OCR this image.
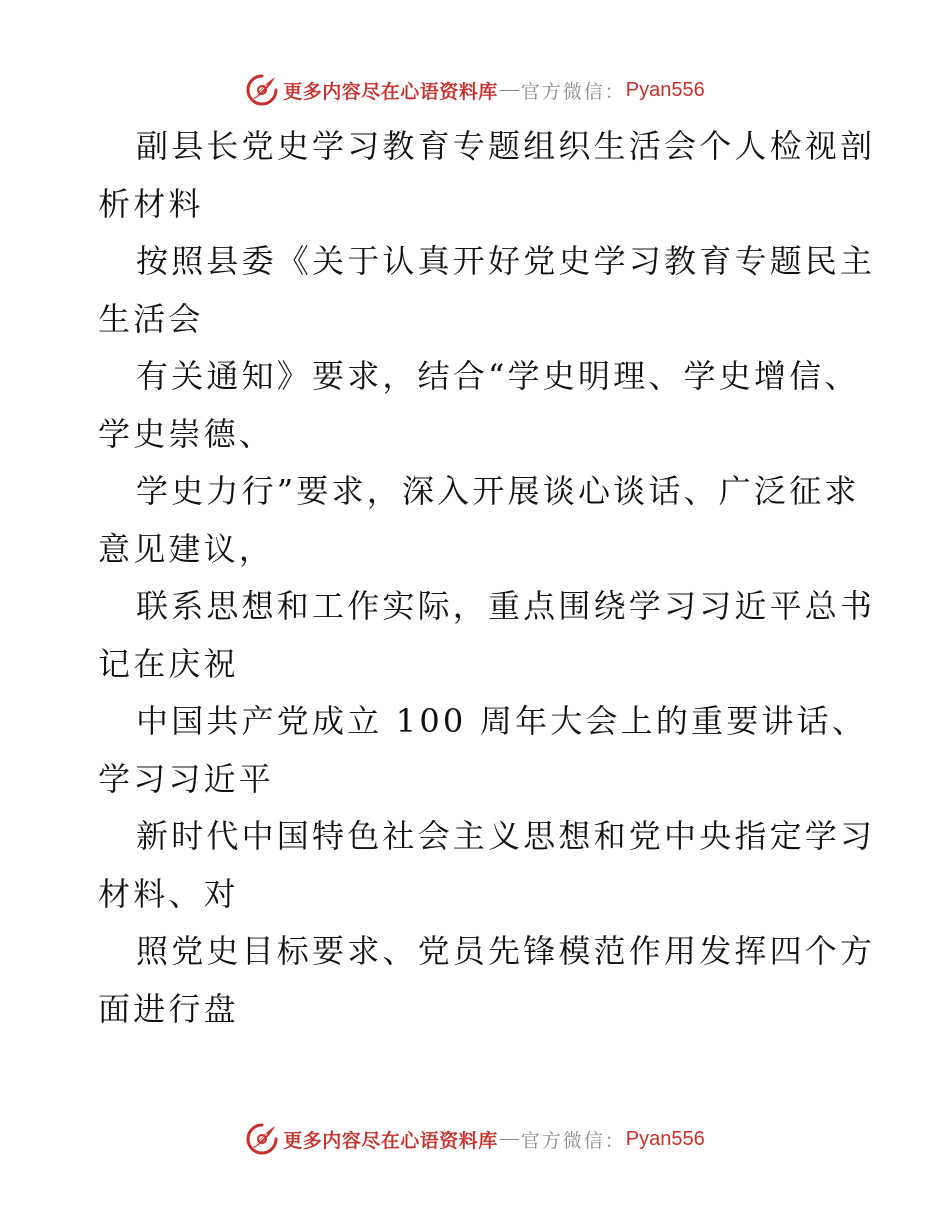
更多内容尽在心语资料库 — 官方微信： Pyan556

副县长党史学习教育专题组织生活会个人检视剖
析材料

按照县委《关于认真开好党史学习教育专题民主
生活会

有关通知》要求，结合“学史明理、学史增信、
学史崇德、

学史力行”要求，深入开展谈心谈话、广泛征求
意见建议，

联系思想和工作实际，重点围绕学习习近平总书
记在庆祝

中国共产党成立 100 周年大会上的重要讲话、
学习习近平

新时代中国特色社会主义思想和党中央指定学习
材料、对

照党史目标要求、党员先锋模范作用发挥四个方
面进行盘

更多内容尽在心语资料库 — 官方微信： Pyan556
